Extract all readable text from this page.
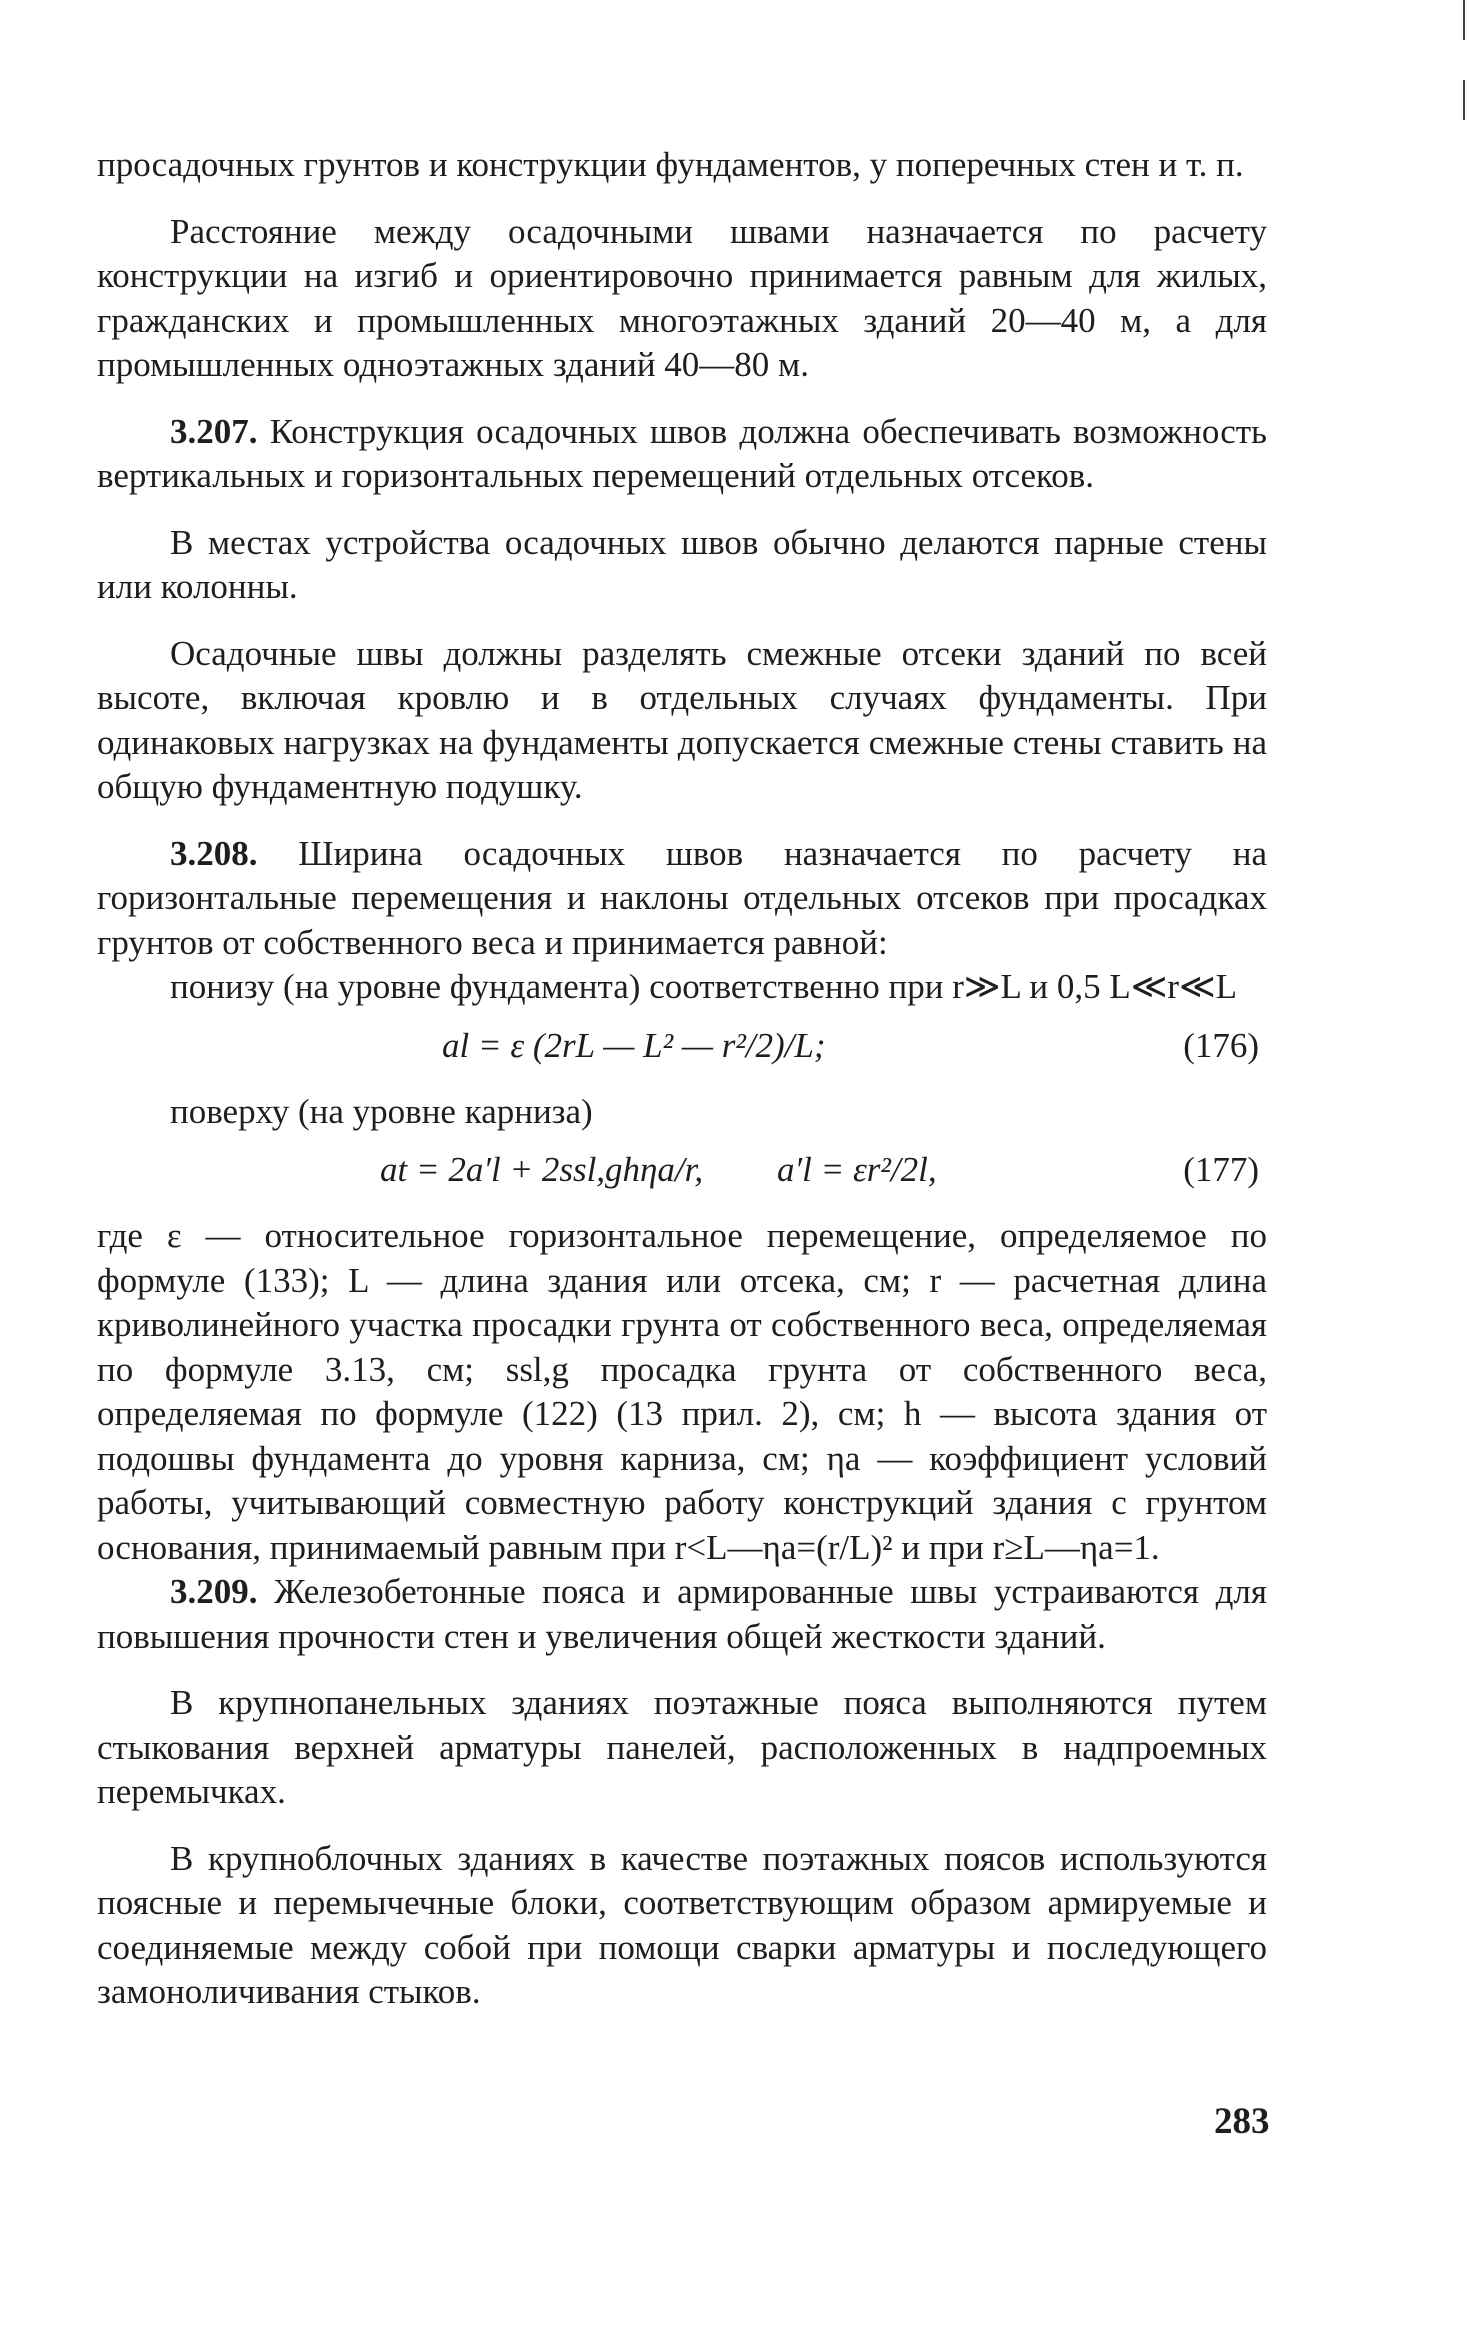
просадочных грунтов и конструкции фундаментов, у поперечных стен и т. п.

Расстояние между осадочными швами назначается по расчету конструкции на изгиб и ориентировочно принимается равным для жилых, гражданских и промышленных многоэтажных зданий 20—40 м, а для промышленных одноэтажных зданий 40—80 м.

3.207. Конструкция осадочных швов должна обеспечивать возможность вертикальных и горизонтальных перемещений отдельных отсеков.

В местах устройства осадочных швов обычно делаются парные стены или колонны.

Осадочные швы должны разделять смежные отсеки зданий по всей высоте, включая кровлю и в отдельных случаях фундаменты. При одинаковых нагрузках на фундаменты допускается смежные стены ставить на общую фундаментную подушку.

3.208. Ширина осадочных швов назначается по расчету на горизонтальные перемещения и наклоны отдельных отсеков при просадках грунтов от собственного веса и принимается равной:

понизу (на уровне фундамента) соответственно при r≫L и 0,5 L≪r≪L

al = ε (2rL — L² — r²/2)/L;	(176)

поверху (на уровне карниза)

at = 2a′l + 2ssl,ghηa/r, a′l = εr²/2l,	(177)

где ε — относительное горизонтальное перемещение, определяемое по формуле (133); L — длина здания или отсека, см; r — расчетная длина криволинейного участка просадки грунта от собственного веса, определяемая по формуле 3.13, см; ssl,g просадка грунта от собственного веса, определяемая по формуле (122) (13 прил. 2), см; h — высота здания от подошвы фундамента до уровня карниза, см; ηa — коэффициент условий работы, учитывающий совместную работу конструкций здания с грунтом основания, принимаемый равным при r<L—ηa=(r/L)² и при r≥L—ηa=1.

3.209. Железобетонные пояса и армированные швы устраиваются для повышения прочности стен и увеличения общей жесткости зданий.

В крупнопанельных зданиях поэтажные пояса выполняются путем стыкования верхней арматуры панелей, расположенных в надпроемных перемычках.

В крупноблочных зданиях в качестве поэтажных поясов используются поясные и перемычечные блоки, соответствующим образом армируемые и соединяемые между собой при помощи сварки арматуры и последующего замоноличивания стыков.

283
